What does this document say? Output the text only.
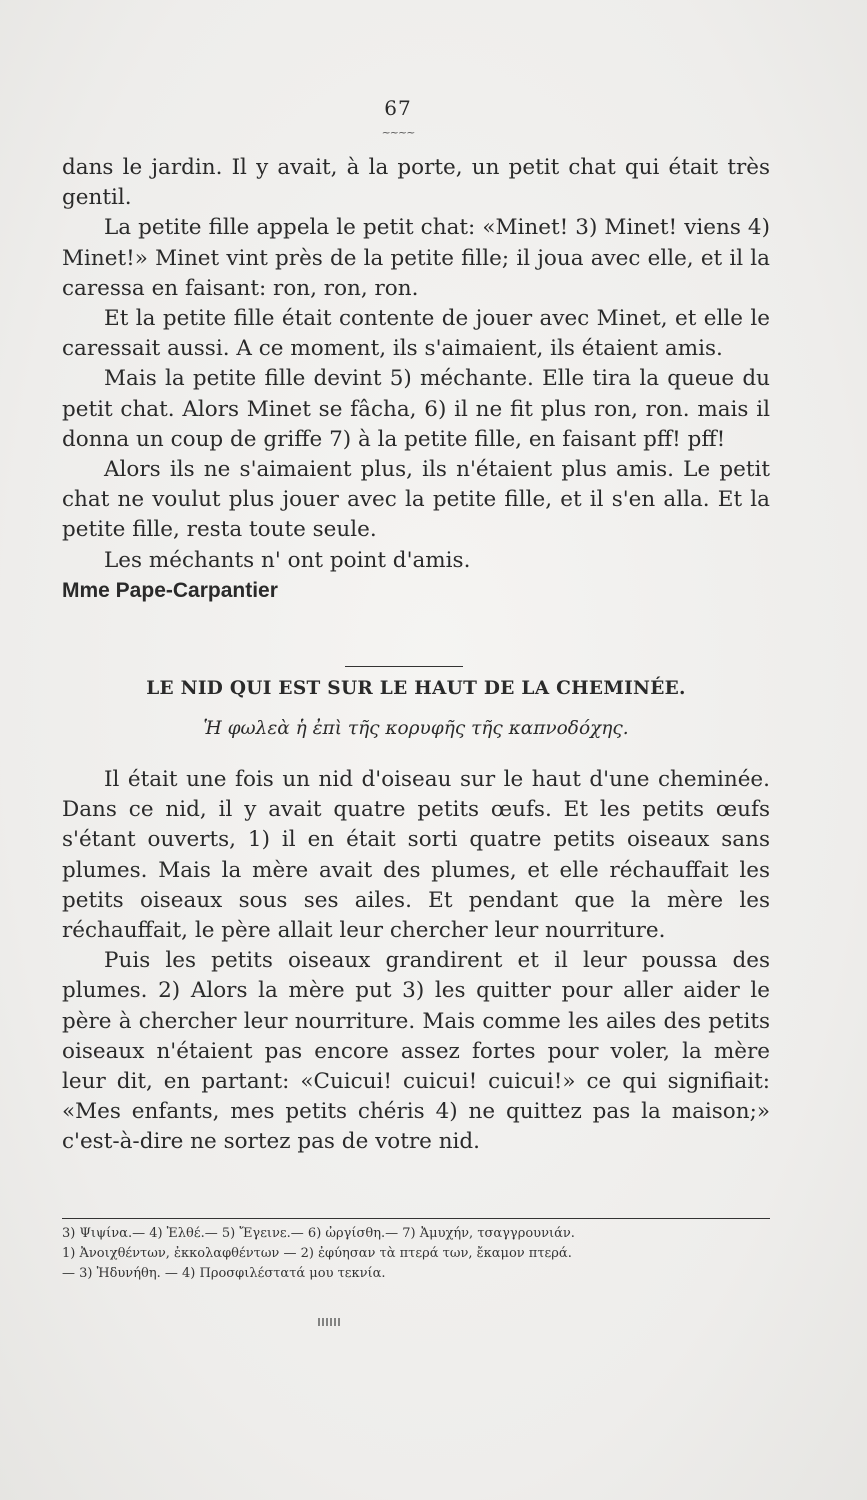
67
~~~~

dans le jardin. Il y avait, à la porte, un petit chat qui était très gentil.

La petite fille appela le petit chat: «Minet! 3) Minet! viens 4) Minet!» Minet vint près de la petite fille; il joua avec elle, et il la caressa en faisant: ron, ron, ron.

Et la petite fille était contente de jouer avec Minet, et elle le caressait aussi. A ce moment, ils s'aimaient, ils étaient amis.

Mais la petite fille devint 5) méchante. Elle tira la queue du petit chat. Alors Minet se fâcha, 6) il ne fit plus ron, ron. mais il donna un coup de griffe 7) à la petite fille, en faisant pff! pff!

Alors ils ne s'aimaient plus, ils n'étaient plus amis. Le petit chat ne voulut plus jouer avec la petite fille, et il s'en alla. Et la petite fille, resta toute seule.

Les méchants n' ont point d'amis.

Mme Pape-Carpantier

LE NID QUI EST SUR LE HAUT DE LA CHEMINÉE.
Ἡ φωλεὰ ἡ ἐπὶ τῆς κορυφῆς τῆς καπνοδόχης.

Il était une fois un nid d'oiseau sur le haut d'une cheminée. Dans ce nid, il y avait quatre petits œufs. Et les petits œufs s'étant ouverts, 1) il en était sorti quatre petits oiseaux sans plumes. Mais la mère avait des plumes, et elle réchauffait les petits oiseaux sous ses ailes. Et pendant que la mère les réchauffait, le père allait leur chercher leur nourriture.

Puis les petits oiseaux grandirent et il leur poussa des plumes. 2) Alors la mère put 3) les quitter pour aller aider le père à chercher leur nourriture. Mais comme les ailes des petits oiseaux n'étaient pas encore assez fortes pour voler, la mère leur dit, en partant: «Cuicui! cuicui! cuicui!» ce qui signifiait: «Mes enfants, mes petits chéris 4) ne quittez pas la maison;» c'est-à-dire ne sortez pas de votre nid.

3) Ψιψίνα.— 4) Ἐλθέ.— 5) Ἔγεινε.— 6) ὠργίσθη.— 7) Ἀμυχήν, τσαγγρουνιάν.

1) Ἀνοιχθέντων, ἐκκολαφθέντων — 2) ἐφύησαν τὰ πτερά των, ἔκαμον πτερά.

— 3) Ἠδυνήθη. — 4) Προσφιλέστατά μου τεκνία.
